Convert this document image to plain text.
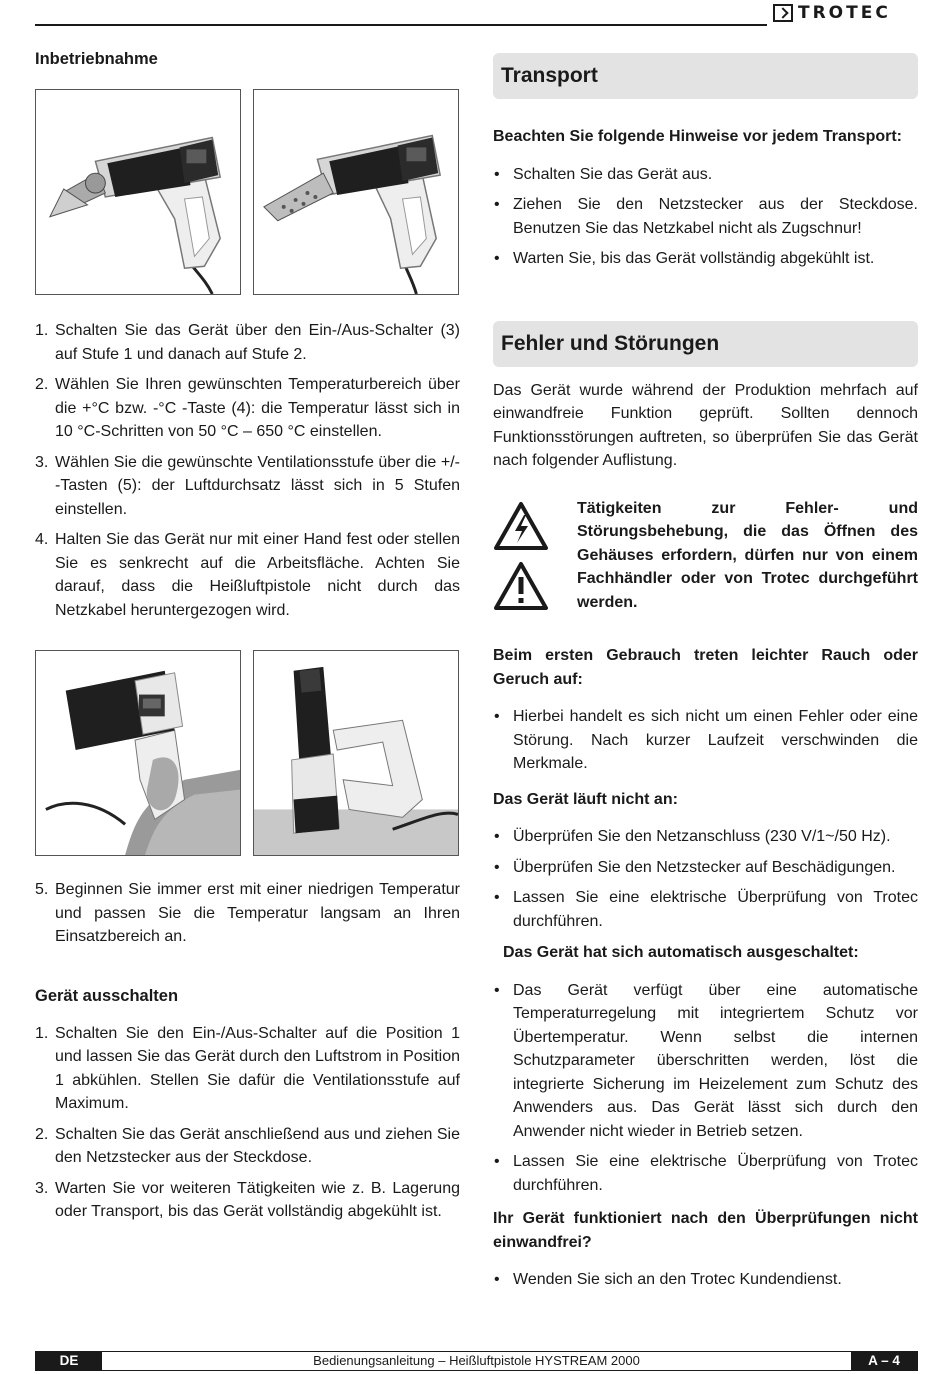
TROTEC
Inbetriebnahme
1. Schalten Sie das Gerät über den Ein-/Aus-Schalter (3) auf Stufe 1 und danach auf Stufe 2.
2. Wählen Sie Ihren gewünschten Temperaturbereich über die +°C bzw. -°C -Taste (4): die Temperatur lässt sich in 10 °C-Schritten von 50 °C – 650 °C einstellen.
3. Wählen Sie die gewünschte Ventilationsstufe über die +/- -Tasten (5): der Luftdurchsatz lässt sich in 5 Stufen einstellen.
4. Halten Sie das Gerät nur mit einer Hand fest oder stellen Sie es senkrecht auf die Arbeitsfläche. Achten Sie darauf, dass die Heißluftpistole nicht durch das Netzkabel heruntergezogen wird.
5. Beginnen Sie immer erst mit einer niedrigen Temperatur und passen Sie die Temperatur langsam an Ihren Einsatzbereich an.
Gerät ausschalten
1. Schalten Sie den Ein-/Aus-Schalter auf die Position 1 und lassen Sie das Gerät durch den Luftstrom in Position 1 abkühlen. Stellen Sie dafür die Ventilationsstufe auf Maximum.
2. Schalten Sie das Gerät anschließend aus und ziehen Sie den Netzstecker aus der Steckdose.
3. Warten Sie vor weiteren Tätigkeiten wie z. B. Lagerung oder Transport, bis das Gerät vollständig abgekühlt ist.
Transport

Beachten Sie folgende Hinweise vor jedem Transport:

• Schalten Sie das Gerät aus.
• Ziehen Sie den Netzstecker aus der Steckdose. Benutzen Sie das Netzkabel nicht als Zugschnur!
• Warten Sie, bis das Gerät vollständig abgekühlt ist.
Fehler und Störungen

Das Gerät wurde während der Produktion mehrfach auf einwandfreie Funktion geprüft. Sollten dennoch Funktionsstörungen auftreten, so überprüfen Sie das Gerät nach folgender Auflistung.

Tätigkeiten zur Fehler- und Störungsbehebung, die das Öffnen des Gehäuses erfordern, dürfen nur von einem Fachhändler oder von Trotec durchgeführt werden.

Beim ersten Gebrauch treten leichter Rauch oder Geruch auf:

• Hierbei handelt es sich nicht um einen Fehler oder eine Störung. Nach kurzer Laufzeit verschwinden die Merkmale.

Das Gerät läuft nicht an:

• Überprüfen Sie den Netzanschluss (230 V/1~/50 Hz).
• Überprüfen Sie den Netzstecker auf Beschädigungen.
• Lassen Sie eine elektrische Überprüfung von Trotec durchführen.

Das Gerät hat sich automatisch ausgeschaltet:

• Das Gerät verfügt über eine automatische Temperaturregelung mit integriertem Schutz vor Übertemperatur. Wenn selbst die internen Schutzparameter überschritten werden, löst die integrierte Sicherung im Heizelement zum Schutz des Anwenders aus. Das Gerät lässt sich durch den Anwender nicht wieder in Betrieb setzen.
• Lassen Sie eine elektrische Überprüfung von Trotec durchführen.

Ihr Gerät funktioniert nach den Überprüfungen nicht einwandfrei?

• Wenden Sie sich an den Trotec Kundendienst.
DE	Bedienungsanleitung – Heißluftpistole HYSTREAM 2000	A – 4
